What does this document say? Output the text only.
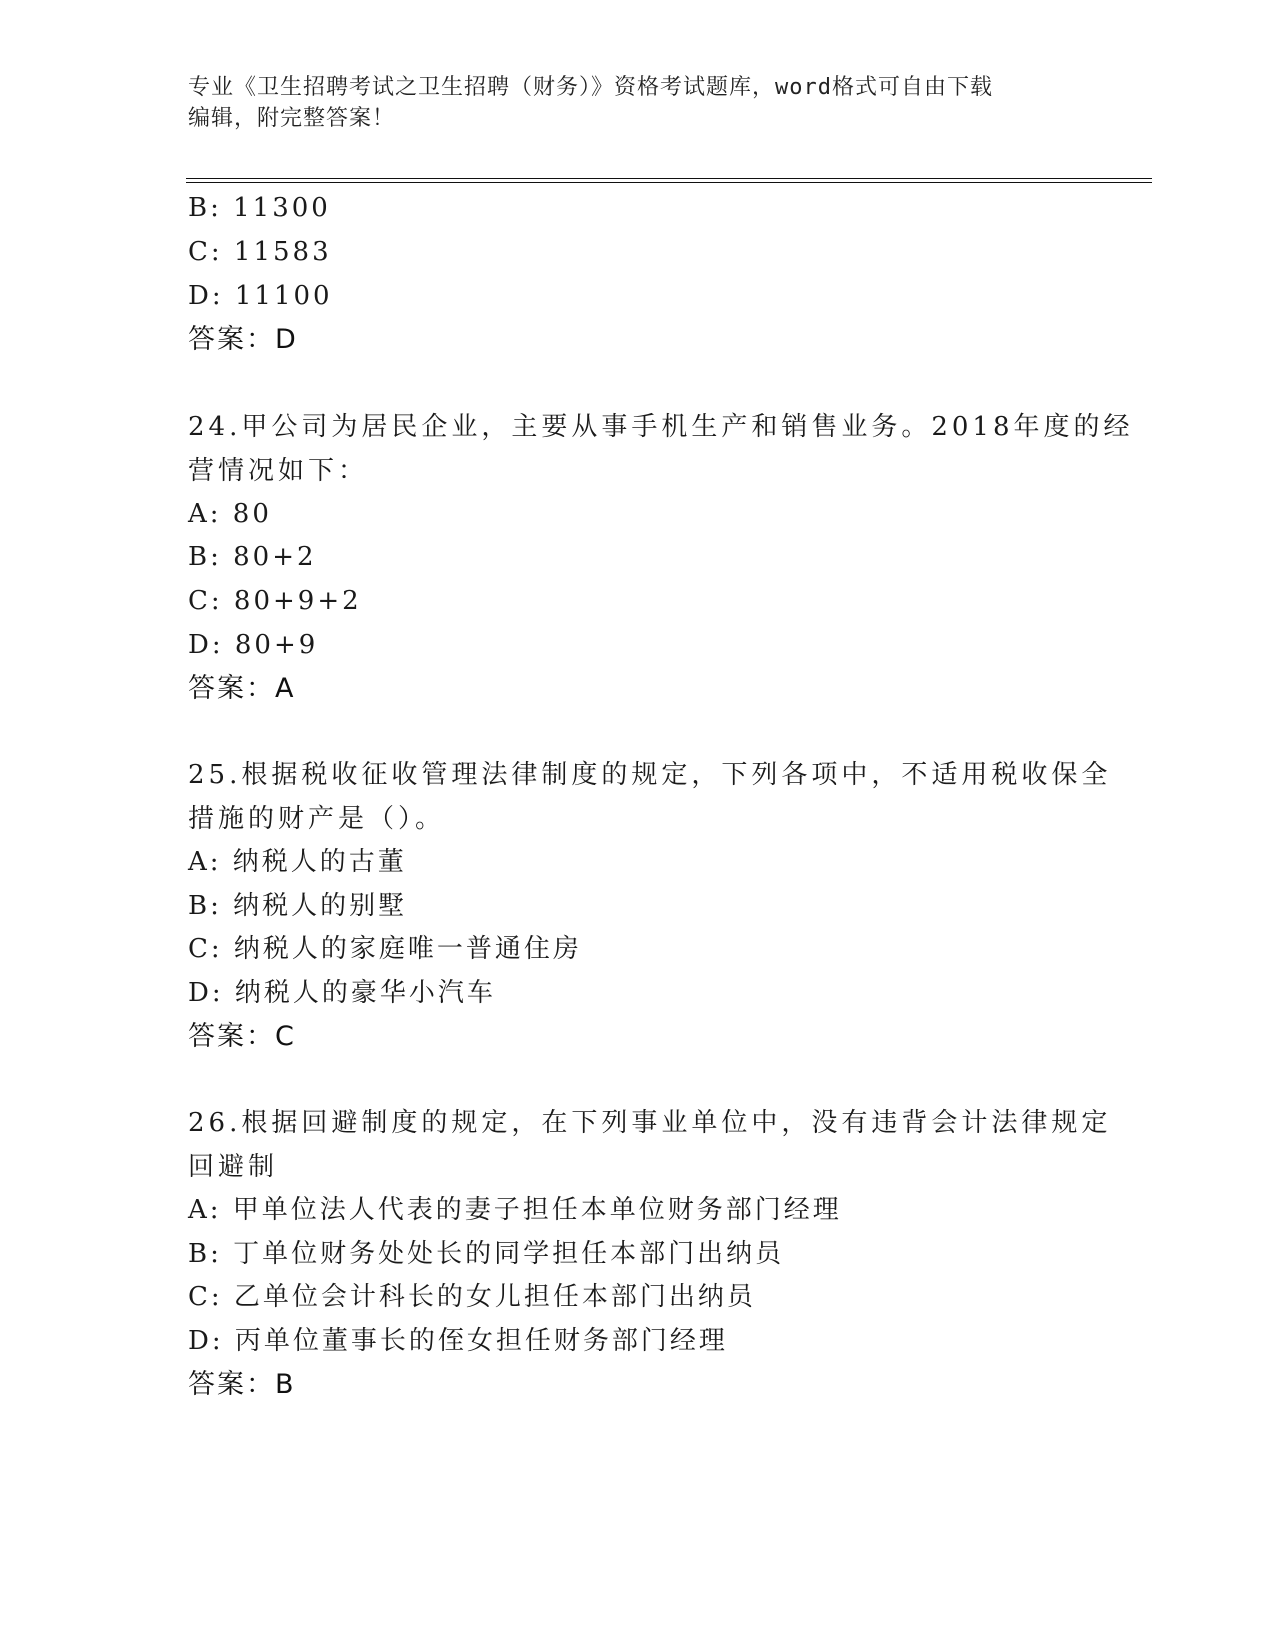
专业《卫生招聘考试之卫生招聘（财务）》资格考试题库，word格式可自由下载
编辑，附完整答案！
B: 11300
C: 11583
D: 11100
答案：D
24.甲公司为居民企业，主要从事手机生产和销售业务。2018年度的经
营情况如下：
A: 80
B: 80+2
C: 80+9+2
D: 80+9
答案：A
25.根据税收征收管理法律制度的规定，下列各项中，不适用税收保全
措施的财产是（）。
A: 纳税人的古董
B: 纳税人的别墅
C: 纳税人的家庭唯一普通住房
D: 纳税人的豪华小汽车
答案：C
26.根据回避制度的规定，在下列事业单位中，没有违背会计法律规定
回避制
A: 甲单位法人代表的妻子担任本单位财务部门经理
B: 丁单位财务处处长的同学担任本部门出纳员
C: 乙单位会计科长的女儿担任本部门出纳员
D: 丙单位董事长的侄女担任财务部门经理
答案：B
